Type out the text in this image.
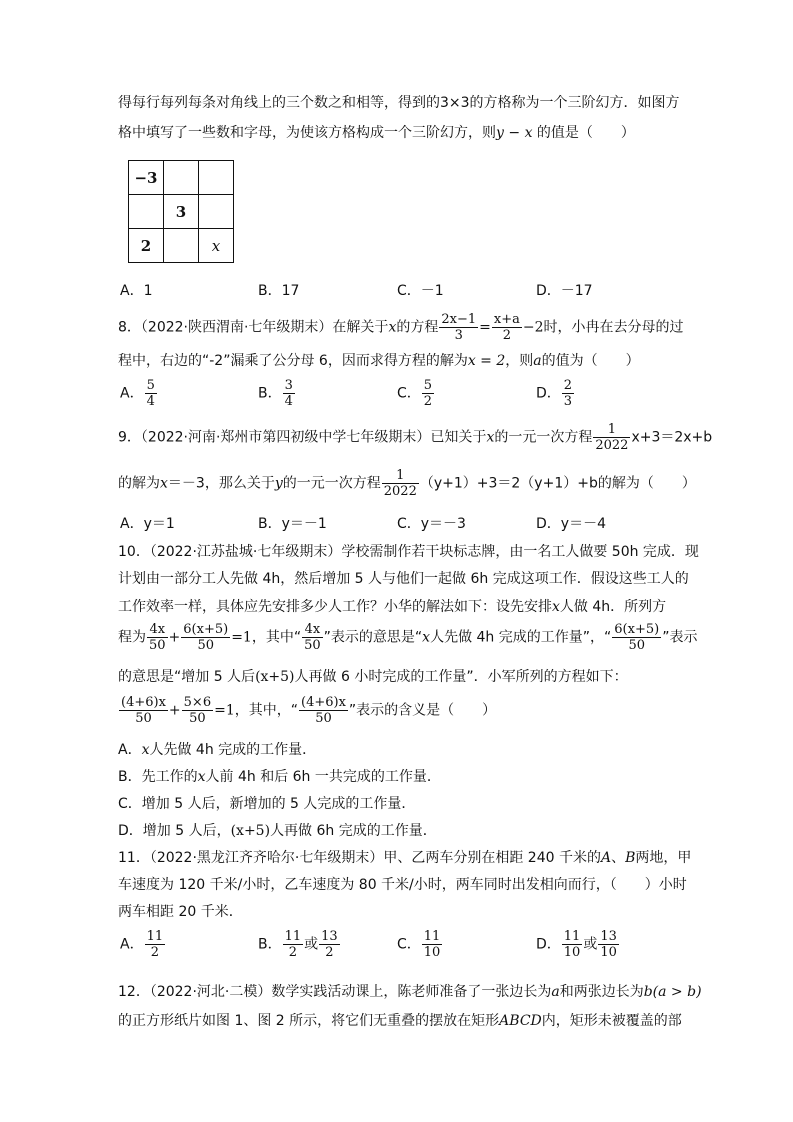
得每行每列每条对角线上的三个数之和相等，得到的3×3的方格称为一个三阶幻方．如图方
格中填写了一些数和字母，为使该方格构成一个三阶幻方，则y − x 的值是（　　）
−3		
	3	
2		x
A．1	B．17	C．－1	D．－17
8．（2022·陕西渭南·七年级期末）在解关于x的方程 $\frac{2x-1}{3} = \frac{x+a}{2} -2$时，小冉在去分母的过
程中，右边的“-2”漏乘了公分母 6，因而求得方程的解为x = 2，则a的值为（　　）
A． $\frac{5}{4}$	B． $\frac{3}{4}$	C． $\frac{5}{2}$	D． $\frac{2}{3}$
9．（2022·河南·郑州市第四初级中学七年级期末）已知关于x的一元一次方程 $\frac{1}{2022} x+3=2x+b$
的解为x＝－3，那么关于y的一元一次方程 $\frac{1}{2022} (y+1)+3=2(y+1)+b$的解为（　　）
A．y＝1	B．y＝－1	C．y＝－3	D．y＝－4
10．（2022·江苏盐城·七年级期末）学校需制作若干块标志牌，由一名工人做要 50h 完成．现
计划由一部分工人先做 4h，然后增加 5 人与他们一起做 6h 完成这项工作．假设这些工人的
工作效率一样，具体应先安排多少人工作？小华的解法如下：设先安排x人做 4h．所列方
程为 $\frac{4x}{50} + \frac{6(x+5)}{50} =1$，其中“ $\frac{4x}{50}$ ”表示的意思是“x人先做 4h 完成的工作量”，“ $\frac{6(x+5)}{50}$ ”表示
的意思是“增加 5 人后(x+5)人再做 6 小时完成的工作量”．小军所列的方程如下：
$\frac{(4+6)x}{50} + \frac{5\times 6}{50} =1$，其中，“ $\frac{(4+6)x}{50}$ ”表示的含义是（　　）
A．x人先做 4h 完成的工作量．
B．先工作的x人前 4h 和后 6h 一共完成的工作量．
C．增加 5 人后，新增加的 5 人完成的工作量．
D．增加 5 人后，(x+5)人再做 6h 完成的工作量．
11．（2022·黑龙江齐齐哈尔·七年级期末）甲、乙两车分别在相距 240 千米的A、B两地，甲
车速度为 120 千米/小时，乙车速度为 80 千米/小时，两车同时出发相向而行，（　　）小时
两车相距 20 千米．
A． $\frac{11}{2}$	B． $\frac{11}{2}$ 或 $\frac{13}{2}$	C． $\frac{11}{10}$	D． $\frac{11}{10}$ 或 $\frac{13}{10}$
12．（2022·河北·二模）数学实践活动课上，陈老师准备了一张边长为a和两张边长为b(a > b)
的正方形纸片如图 1、图 2 所示，将它们无重叠的摆放在矩形ABCD内，矩形未被覆盖的部
